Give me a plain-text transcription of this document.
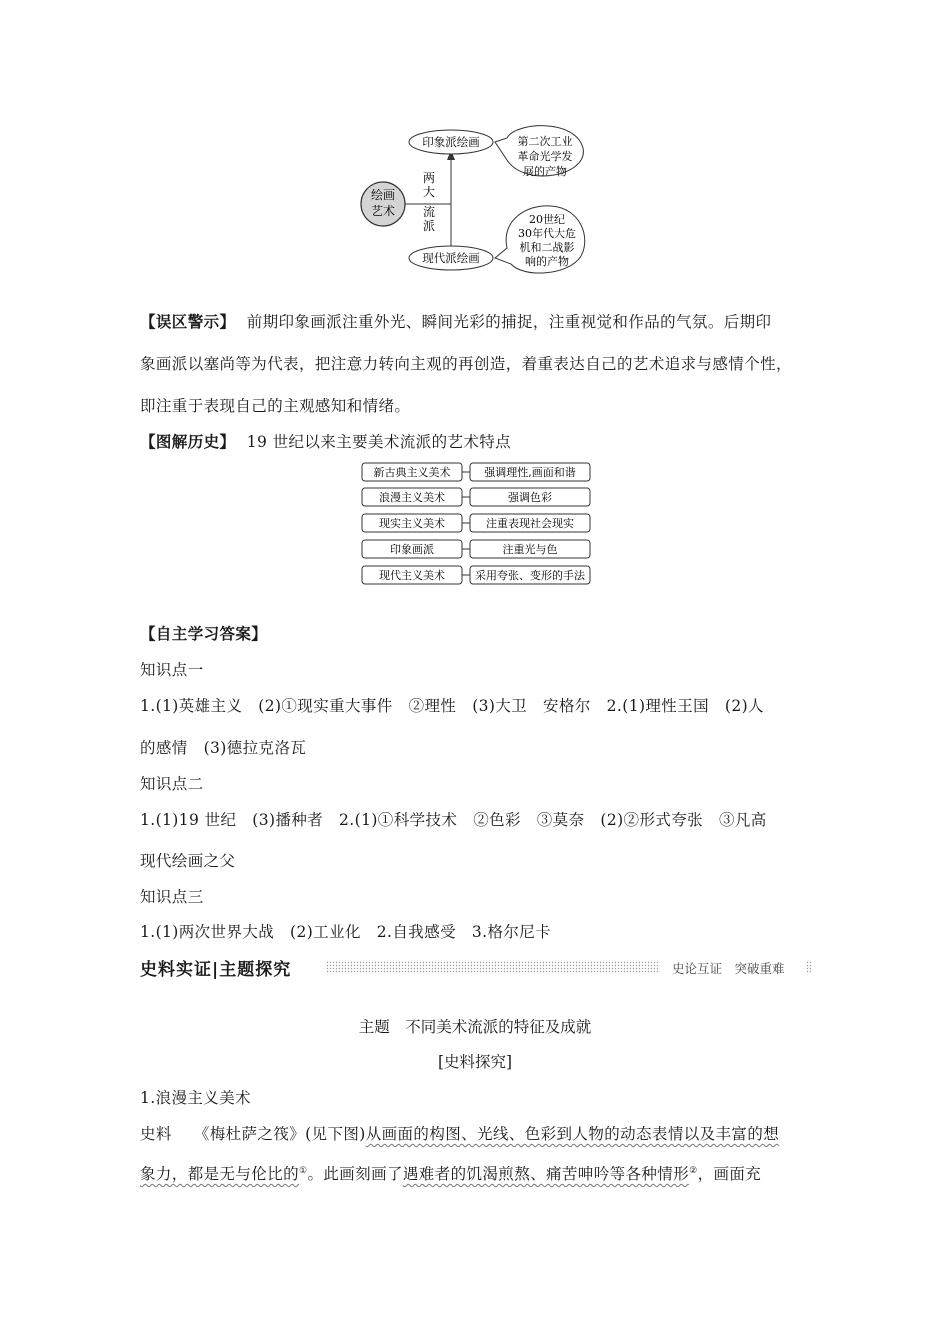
绘画
艺术
两
大
流
派
印象派绘画
现代派绘画
第二次工业
革命光学发
展的产物
20世纪
30年代大危
机和二战影
响的产物
【误区警示】 前期印象画派注重外光、瞬间光彩的捕捉，注重视觉和作品的气氛。后期印
象画派以塞尚等为代表，把注意力转向主观的再创造，着重表达自己的艺术追求与感情个性，
即注重于表现自己的主观感知和情绪。
【图解历史】 19 世纪以来主要美术流派的艺术特点
新古典主义美术	强调理性,画面和谐
浪漫主义美术	强调色彩
现实主义美术	注重表现社会现实
印象画派	注重光与色
现代主义美术	采用夸张、变形的手法
【自主学习答案】
知识点一
1.(1)英雄主义　(2)①现实重大事件　②理性　(3)大卫　安格尔　2.(1)理性王国　(2)人
的感情　(3)德拉克洛瓦
知识点二
1.(1)19 世纪　(3)播种者　2.(1)①科学技术　②色彩　③莫奈　(2)②形式夸张　③凡高
现代绘画之父
知识点三
1.(1)两次世界大战　(2)工业化　2.自我感受　3.格尔尼卡
史料实证|主题探究	史论互证　突破重难
主题　不同美术流派的特征及成就
[史料探究]
1.浪漫主义美术
史料 《梅杜萨之筏》(见下图)从画面的构图、光线、色彩到人物的动态表情以及丰富的想
象力，都是无与伦比的①。此画刻画了遇难者的饥渴煎熬、痛苦呻吟等各种情形②，画面充
